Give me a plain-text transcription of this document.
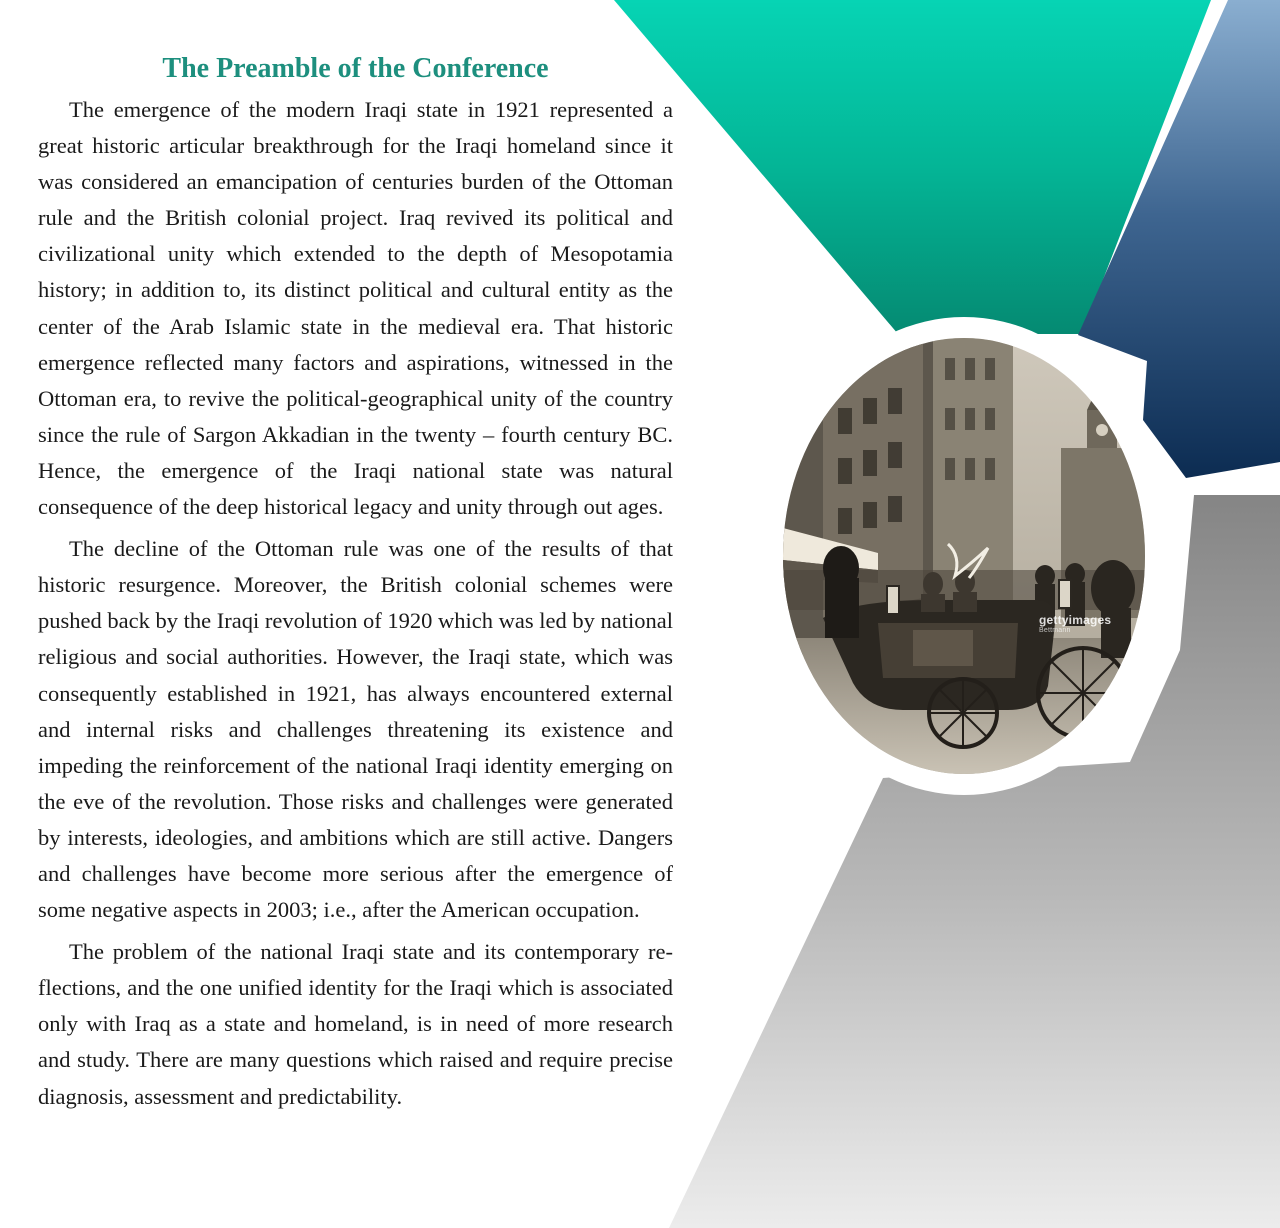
The Preamble of the Conference

The emergence of the modern Iraqi state in 1921 represented a great historic articular breakthrough for the Iraqi homeland since it was considered an emancipation of centuries burden of the Ottoman rule and the British colonial project. Iraq revived its political and civilizational unity which extended to the depth of Mesopotamia history; in addition to, its distinct political and cultural entity as the center of the Arab Islamic state in the medieval era. That historic emergence reflected many factors and aspirations, witnessed in the Ottoman era, to revive the political-geographical unity of the country since the rule of Sargon Akkadian in the twenty – fourth century BC. Hence, the emergence of the Iraqi national state was natural consequence of the deep historical legacy and unity through out ages.

The decline of the Ottoman rule was one of the results of that historic resurgence. Moreover, the British colonial schemes were pushed back by the Iraqi revolution of 1920 which was led by national religious and social authorities. However, the Iraqi state, which was consequently established in 1921, has always encountered external and internal risks and challenges threatening its existence and impeding the reinforcement of the national Iraqi identity emerging on the eve of the revolution. Those risks and challenges were generated by interests, ideologies, and ambitions which are still active. Dangers and challenges have become more serious after the emergence of some negative aspects in 2003; i.e., after the American occupation.

The problem of the national Iraqi state and its contemporary reflections, and the one unified identity for the Iraqi which is associated only with Iraq as a state and homeland, is in need of more research and study. There are many questions which raised and require precise diagnosis, assessment and predictability.

gettyimages
Bettmann
